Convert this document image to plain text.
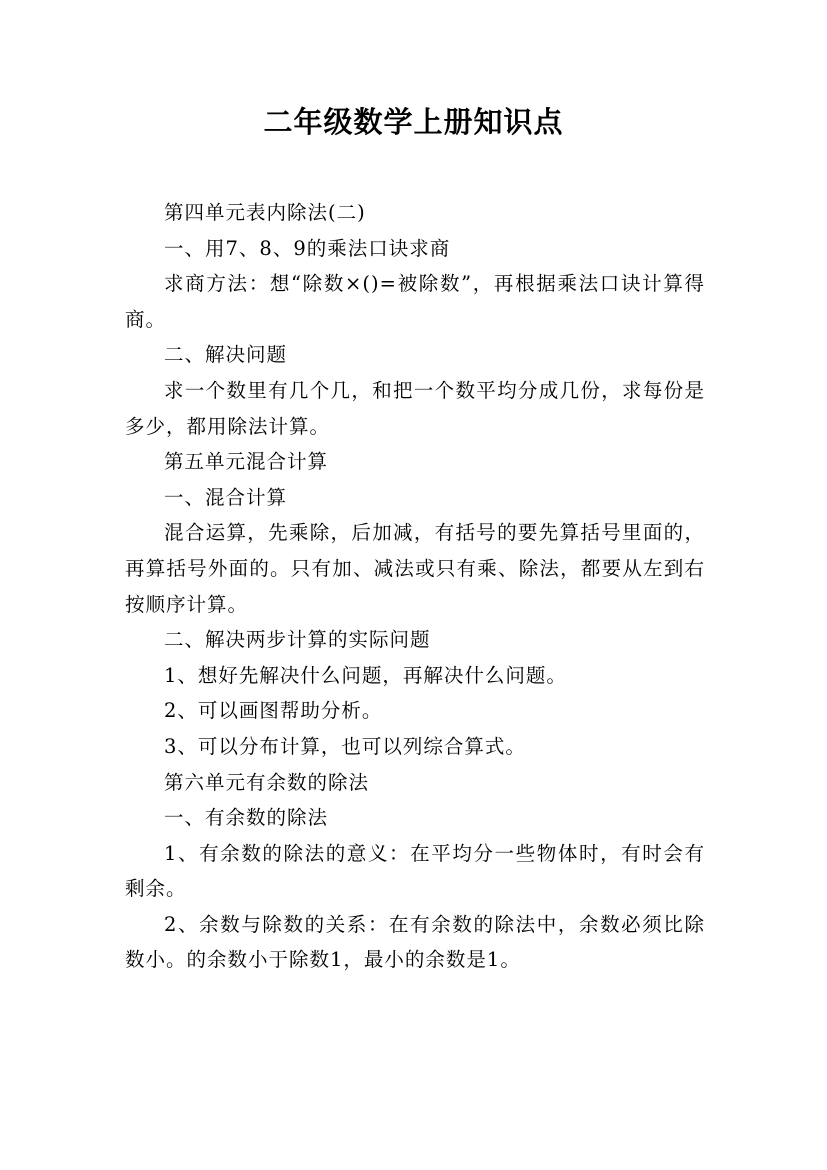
二年级数学上册知识点

第四单元表内除法(二)

一、用7、8、9的乘法口诀求商

求商方法：想“除数×()=被除数”，再根据乘法口诀计算得商。

二、解决问题

求一个数里有几个几，和把一个数平均分成几份，求每份是多少，都用除法计算。

第五单元混合计算

一、混合计算

混合运算，先乘除，后加减，有括号的要先算括号里面的，再算括号外面的。只有加、减法或只有乘、除法，都要从左到右按顺序计算。

二、解决两步计算的实际问题

1、想好先解决什么问题，再解决什么问题。

2、可以画图帮助分析。

3、可以分布计算，也可以列综合算式。

第六单元有余数的除法

一、有余数的除法

1、有余数的除法的意义：在平均分一些物体时，有时会有剩余。

2、余数与除数的关系：在有余数的除法中，余数必须比除数小。的余数小于除数1，最小的余数是1。
